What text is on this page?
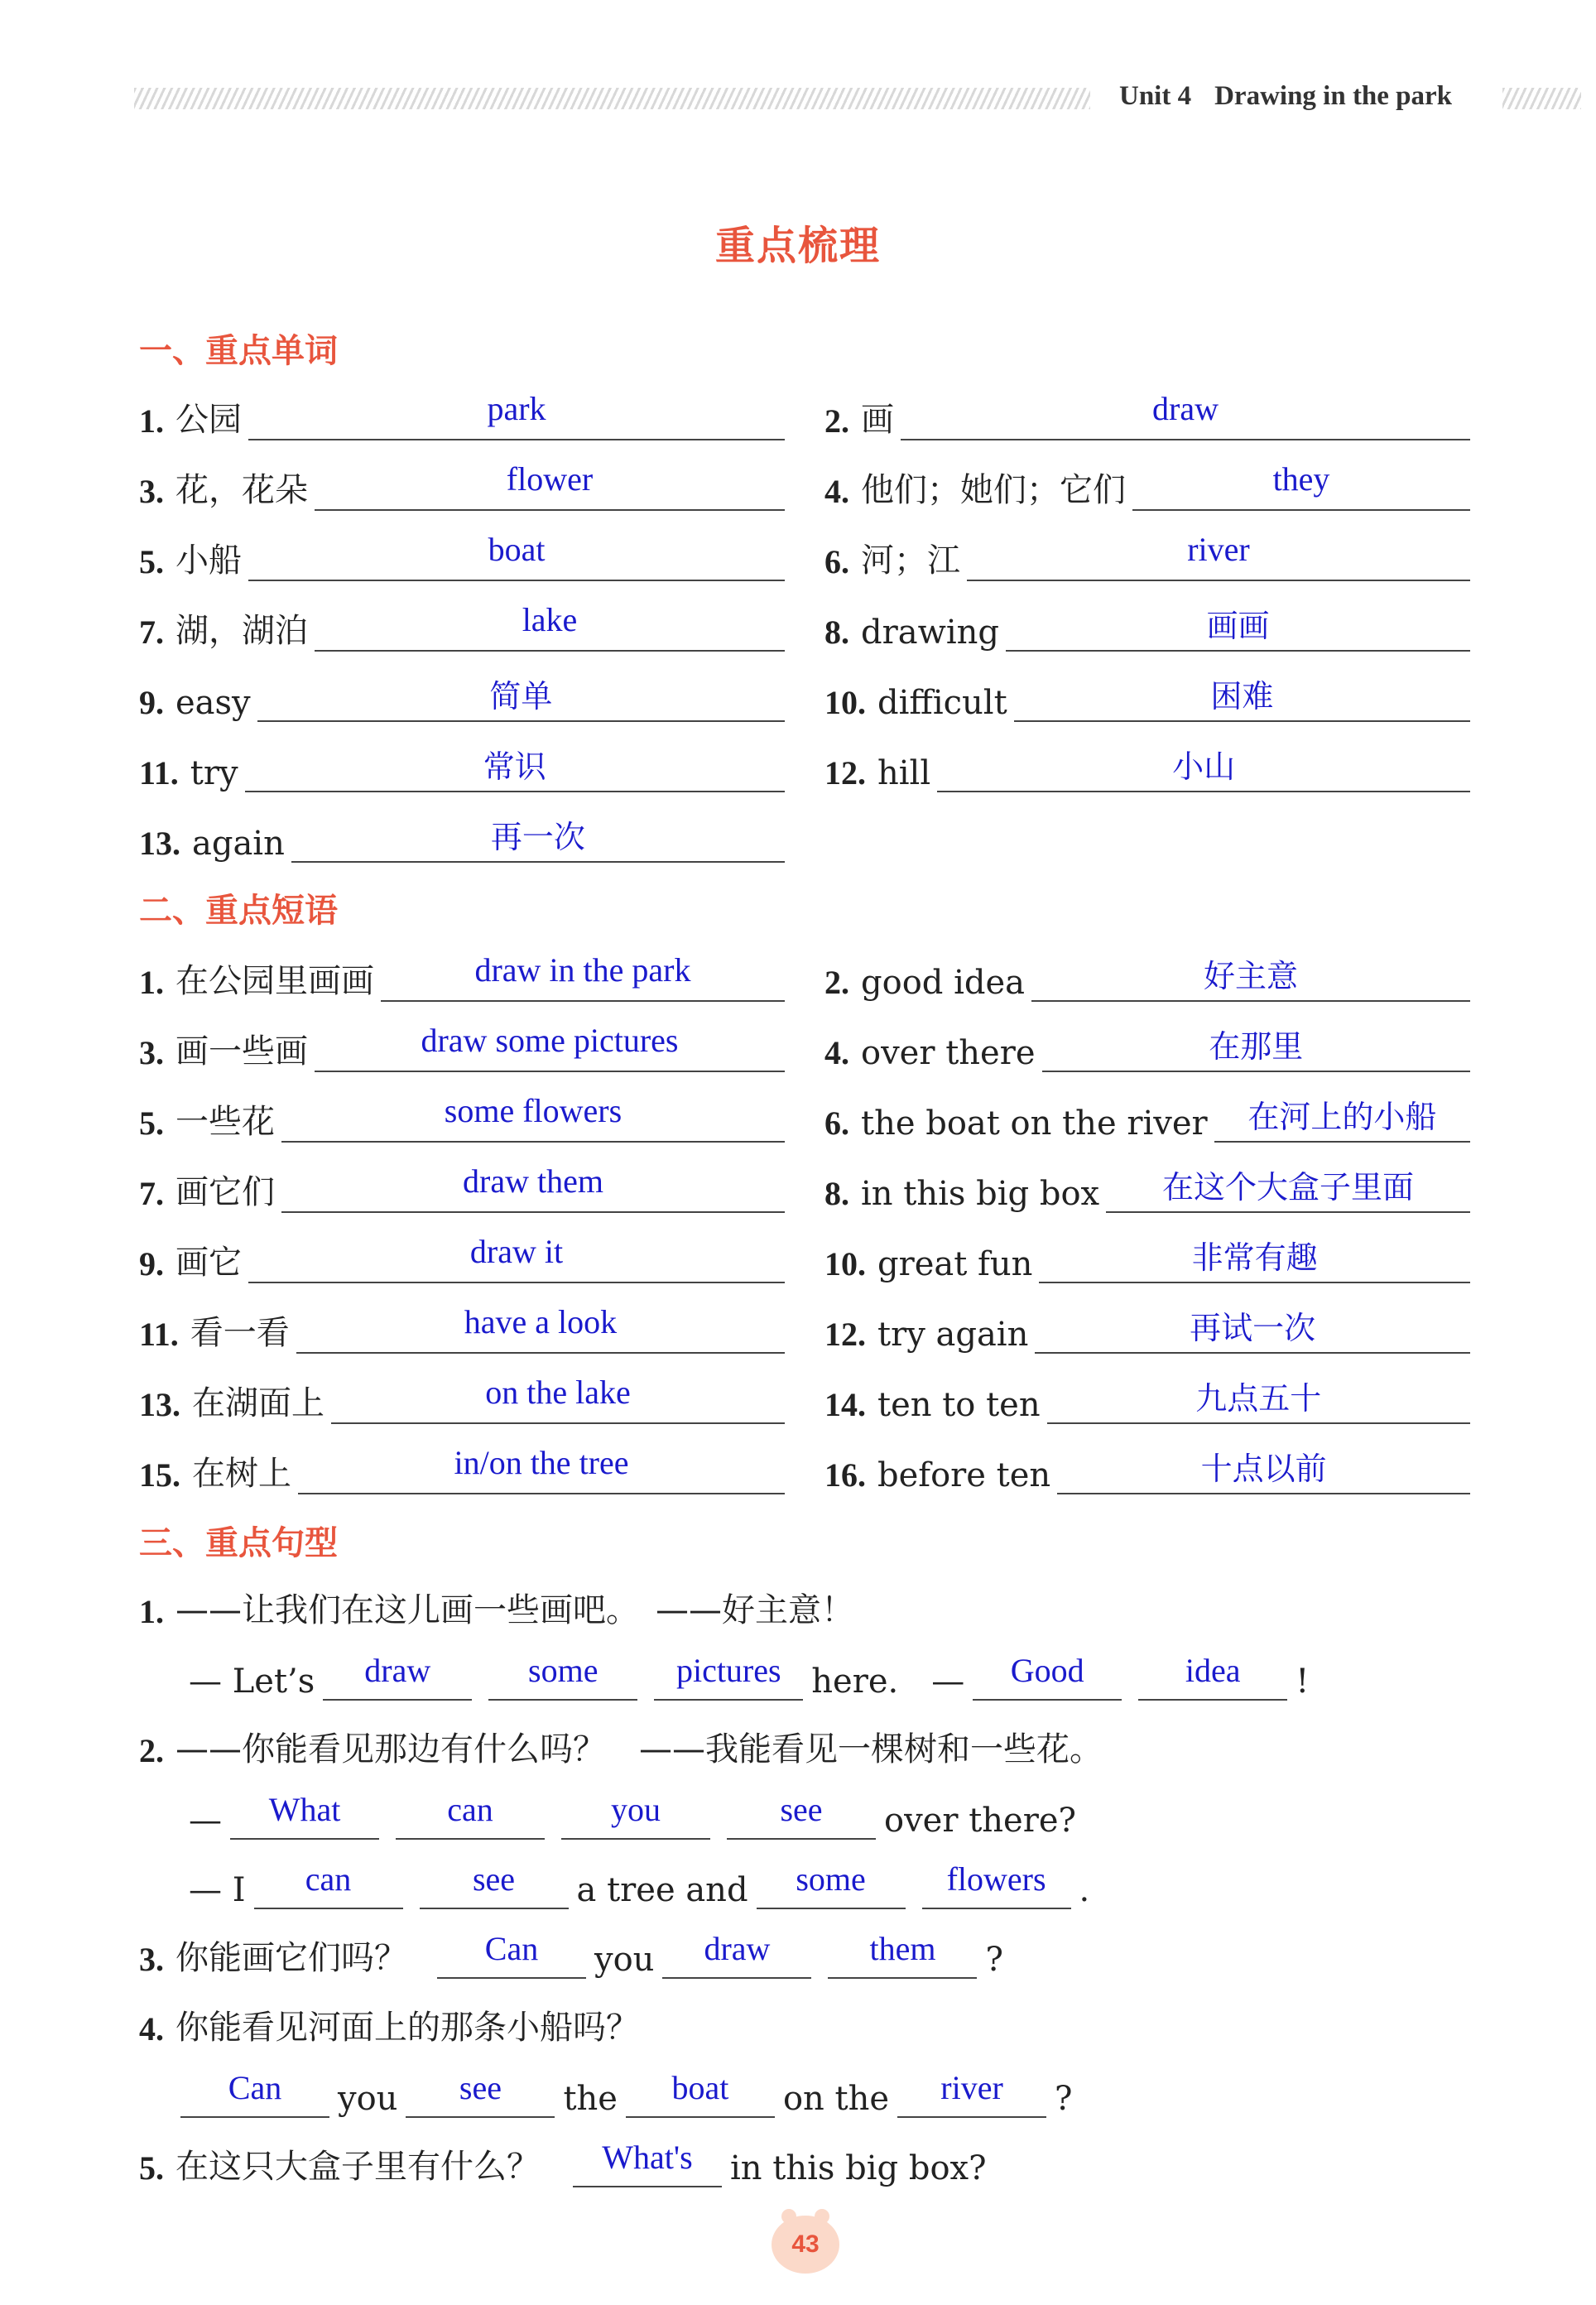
Unit 4 Drawing in the park
重点梳理
一、重点单词
1. 公园	park	2. 画	draw
3. 花，花朵	flower	4. 他们；她们；它们	they
5. 小船	boat	6. 河；江	river
7. 湖，湖泊	lake	8. drawing	画画
9. easy	简单	10. difficult	困难
11. try	常识	12. hill	小山
13. again	再一次
二、重点短语
1. 在公园里画画	draw in the park	2. good idea	好主意
3. 画一些画	draw some pictures	4. over there	在那里
5. 一些花	some flowers	6. the boat on the river	在河上的小船
7. 画它们	draw them	8. in this big box	在这个大盒子里面
9. 画它	draw it	10. great fun	非常有趣
11. 看一看	have a look	12. try again	再试一次
13. 在湖面上	on the lake	14. ten to ten	九点五十
15. 在树上	in/on the tree	16. before ten	十点以前
三、重点句型
1. ——让我们在这儿画一些画吧。　——好主意！
— Let’s	draw	some	pictures here. —	Good	idea	!
2. ——你能看见那边有什么吗？　——我能看见一棵树和一些花。
—	What	can	you	see	over there?
— I	can	see	a tree and	some	flowers	.
3. 你能画它们吗？	Can	you	draw	them	?
4. 你能看见河面上的那条小船吗？
Can	you	see	the	boat	on the	river	?
5. 在这只大盒子里有什么？	What's	in this big box?
43
